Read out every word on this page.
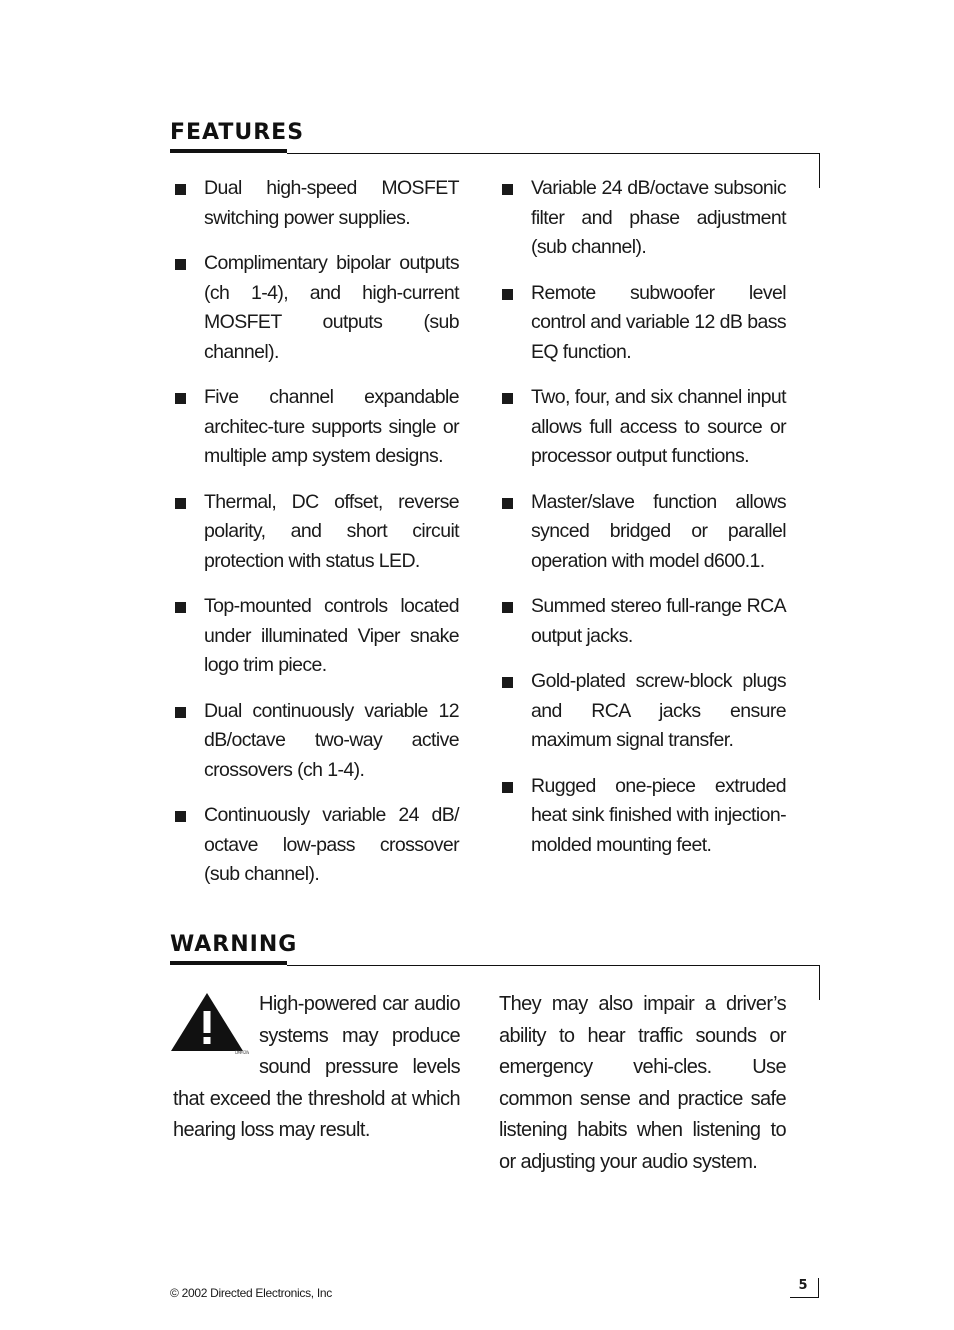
FEATURES
Dual high-speed MOSFET switching power supplies.
Complimentary bipolar outputs (ch 1-4), and high-current MOSFET outputs (sub channel).
Five channel expandable architec-ture supports single or multiple amp system designs.
Thermal, DC offset, reverse polarity, and short circuit protection with status LED.
Top-mounted controls located under illuminated Viper snake logo trim piece.
Dual continuously variable 12 dB/octave two-way active crossovers (ch 1-4).
Continuously variable 24 dB/ octave low-pass crossover (sub channel).
Variable 24 dB/octave subsonic filter and phase adjustment (sub channel).
Remote subwoofer level control and variable 12 dB bass EQ function.
Two, four, and six channel input allows full access to source or processor output functions.
Master/slave function allows synced bridged or parallel operation with model d600.1.
Summed stereo full-range RCA output jacks.
Gold-plated screw-block plugs and RCA jacks ensure maximum signal transfer.
Rugged one-piece extruded heat sink finished with injection-molded mounting feet.
WARNING
DMM 2W
High-powered car audio systems may produce sound pressure levels that exceed the threshold at which hearing loss may result.
They may also impair a driver’s ability to hear traffic sounds or emergency vehi-cles. Use common sense and practice safe listening habits when listening to or adjusting your audio system.
© 2002 Directed Electronics, Inc	5
